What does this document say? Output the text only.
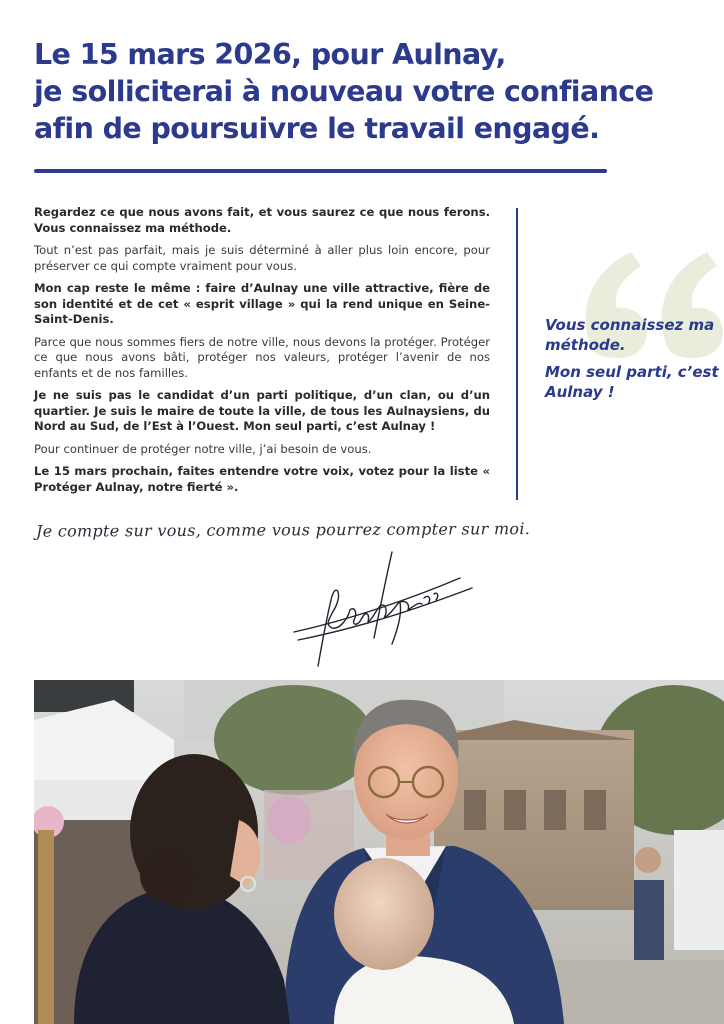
Le 15 mars 2026, pour Aulnay,
je solliciterai à nouveau votre confiance
afin de poursuivre le travail engagé.

Regardez ce que nous avons fait, et vous saurez ce que nous ferons. Vous connaissez ma méthode.

Tout n’est pas parfait, mais je suis déterminé à aller plus loin encore, pour préserver ce qui compte vraiment pour vous.

Mon cap reste le même : faire d’Aulnay une ville attractive, fière de son identité et de cet « esprit village » qui la rend unique en Seine-Saint-Denis.

Parce que nous sommes fiers de notre ville, nous devons la protéger. Protéger ce que nous avons bâti, protéger nos valeurs, protéger l’avenir de nos enfants et de nos familles.

Je ne suis pas le candidat d’un parti politique, d’un clan, ou d’un quartier. Je suis le maire de toute la ville, de tous les Aulnaysiens, du Nord au Sud, de l’Est à l’Ouest. Mon seul parti, c’est Aulnay !

Pour continuer de protéger notre ville, j’ai besoin de vous.

Le 15 mars prochain, faites entendre votre voix, votez pour la liste « Protéger Aulnay, notre fierté ».

Vous connaissez ma méthode.

Mon seul parti, c’est Aulnay !

Je compte sur vous, comme vous pourrez compter sur moi.
